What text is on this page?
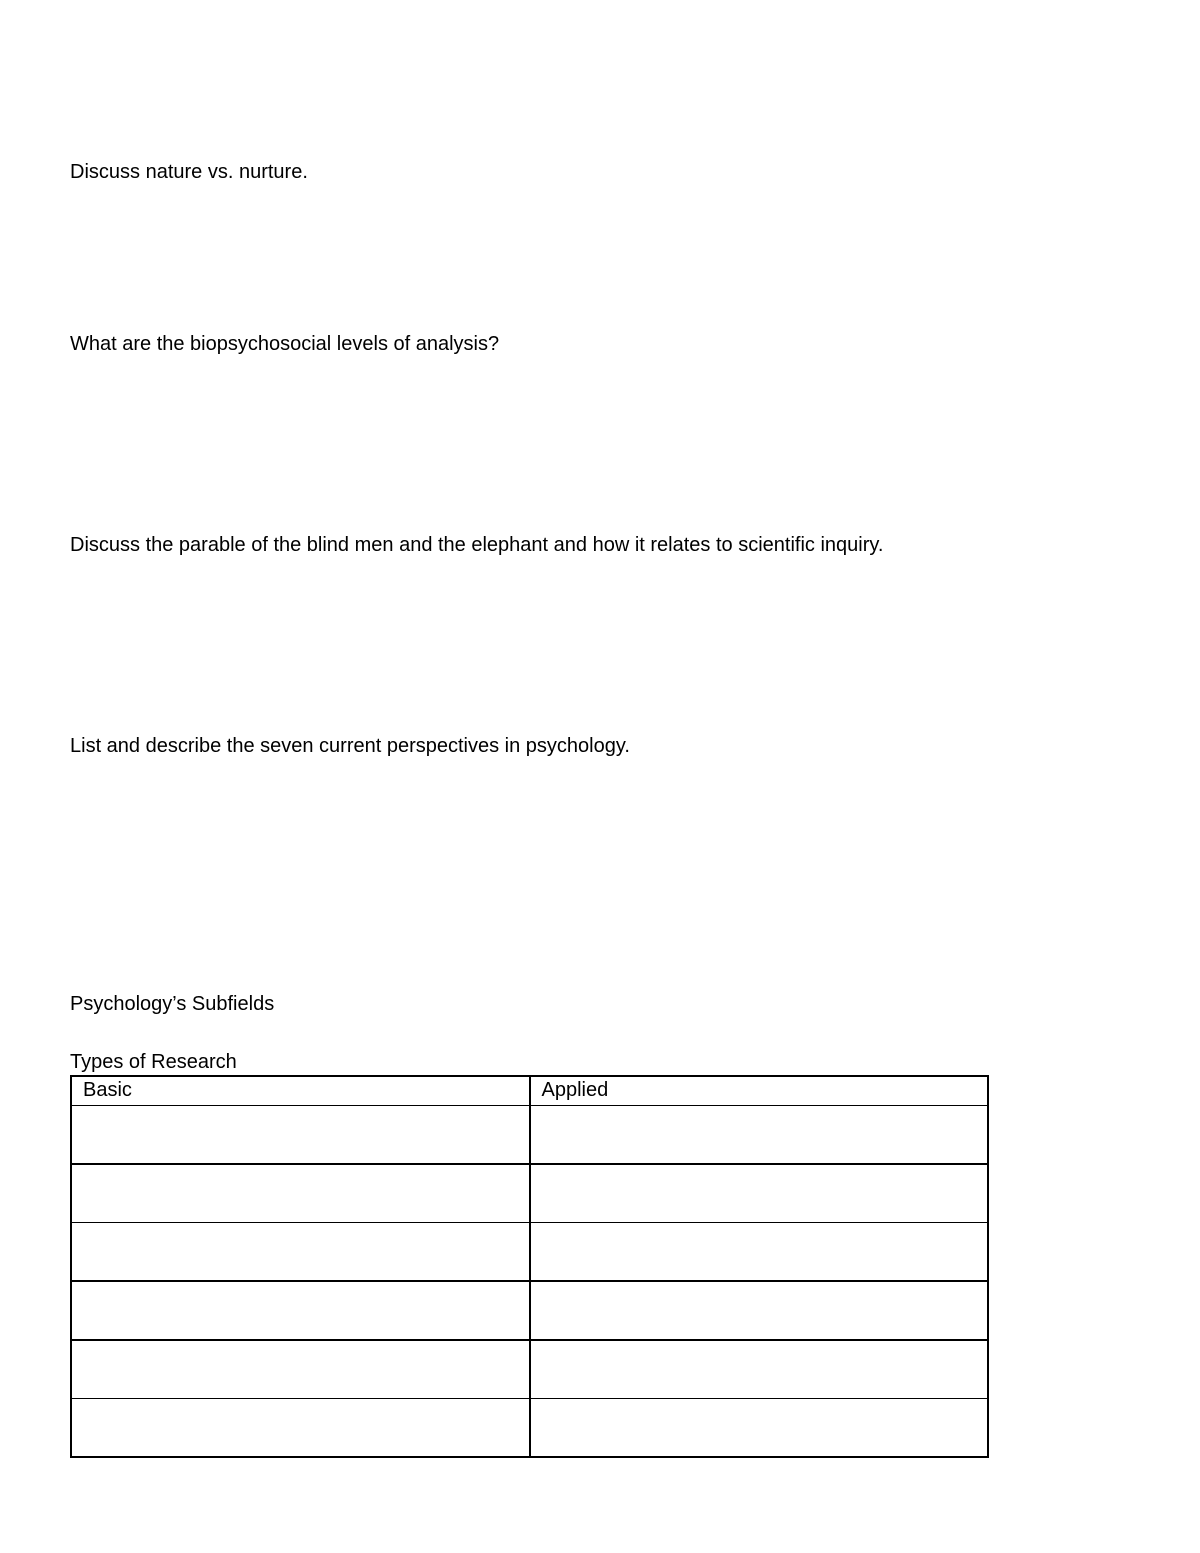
Discuss nature vs. nurture.

What are the biopsychosocial levels of analysis?

Discuss the parable of the blind men and the elephant and how it relates to scientific inquiry.

List and describe the seven current perspectives in psychology.

Psychology’s Subfields

Types of Research

Basic	Applied
